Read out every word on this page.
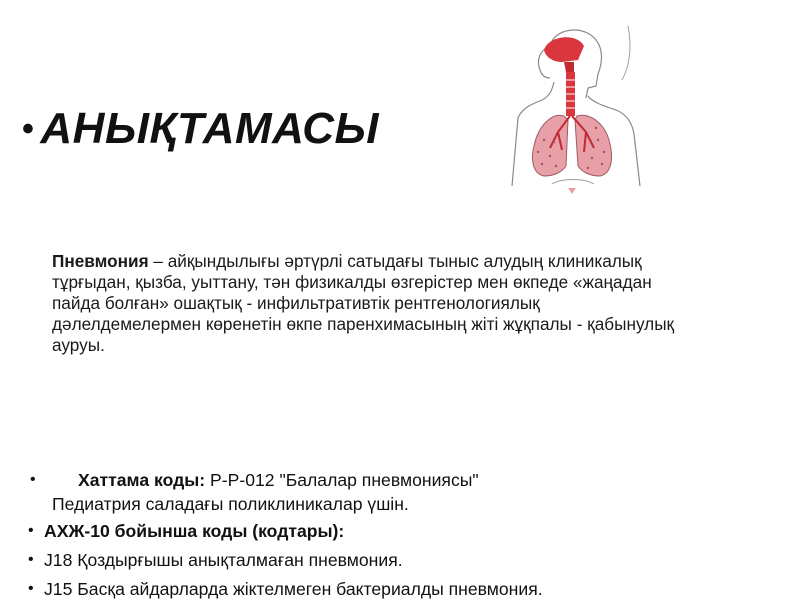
• АНЫҚТАМАСЫ
Пневмония – айқындылығы әртүрлі сатыдағы тыныс алудың клиникалық тұрғыдан, қызба, уыттану, тән физикалды өзгерістер мен өкпеде «жаңадан пайда болған» ошақтық - инфильтративтік рентгенологиялық дәлелдемелермен көренетін өкпе паренхимасының жіті жұқпалы - қабынулық ауруы.
• Хаттама коды: Р-Р-012 "Балалар пневмониясы"
Педиатрия саладағы поликлиникалар үшін.
• АХЖ-10 бойынша коды (кодтары):
• J18 Қоздырғышы анықталмаған пневмония.
• J15 Басқа айдарларда жіктелмеген бактериалды пневмония.
